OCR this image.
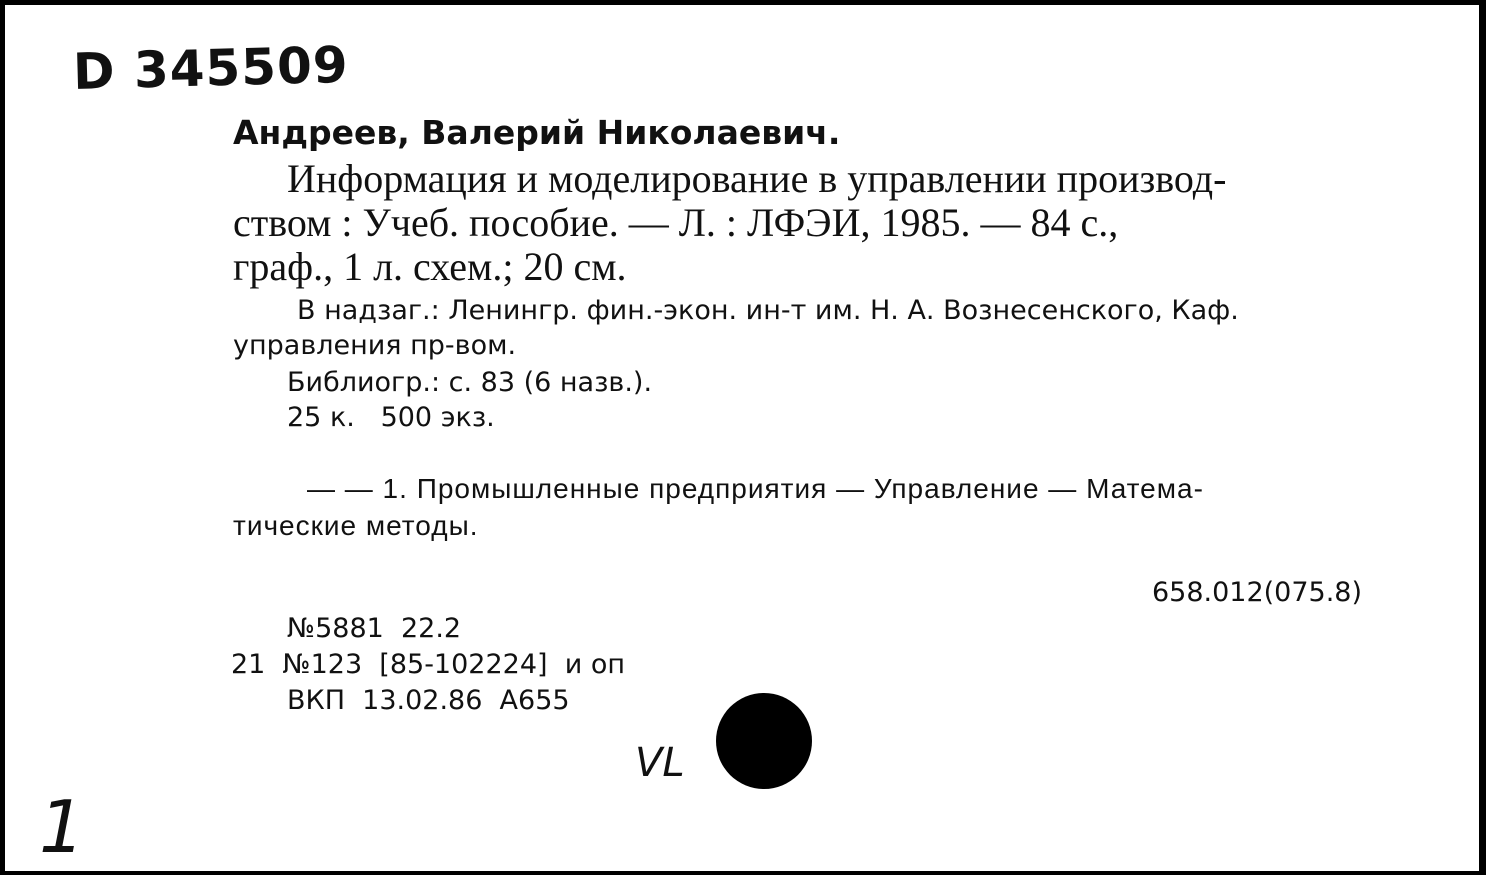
D 345509
Андреев, Валерий Николаевич.
Информация и моделирование в управлении производ-
ством : Учеб. пособие. — Л. : ЛФЭИ, 1985. — 84 с.,
граф., 1 л. схем.; 20 см.
В надзаг.: Ленингр. фин.-экон. ин-т им. Н. А. Вознесенского, Каф.
управления пр-вом.
Библиогр.: с. 83 (6 назв.).
25 к.   500 экз.
— — 1. Промышленные предприятия — Управление — Матема-
тические методы.
658.012(075.8)
№5881  22.2
21  №123  [85-102224]  и оп
ВКП  13.02.86  А655
VL
1
